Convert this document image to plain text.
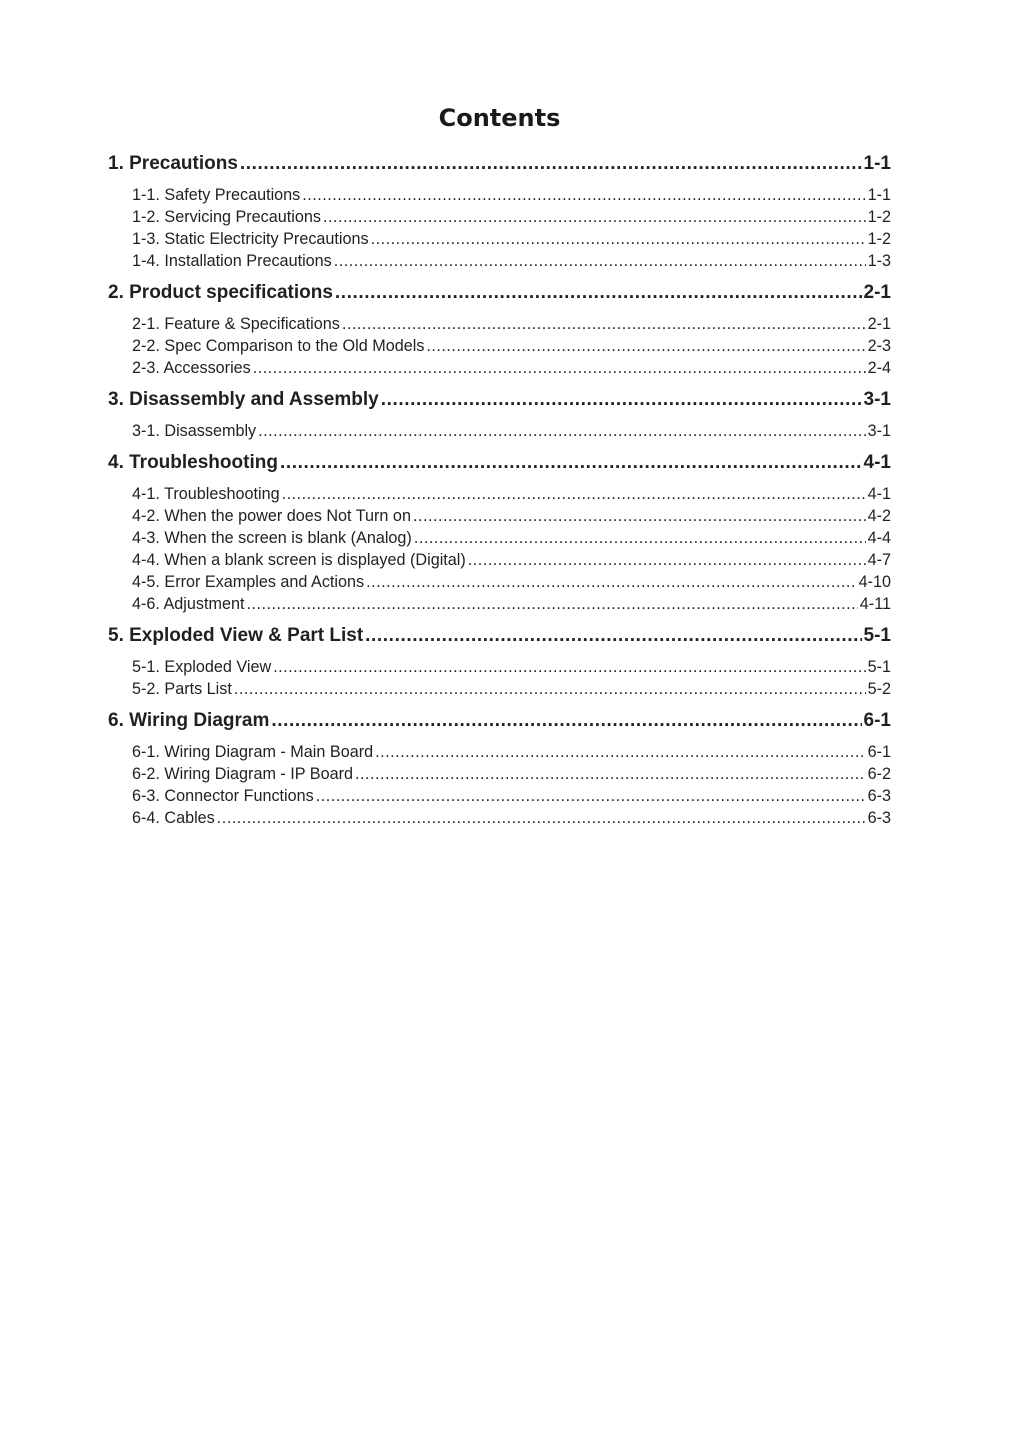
Contents
1. Precautions .....	1-1
1-1. Safety Precautions .....	1-1
1-2. Servicing Precautions .....	1-2
1-3. Static Electricity Precautions .....	1-2
1-4. Installation Precautions .....	1-3
2. Product specifications .....	2-1
2-1. Feature & Specifications .....	2-1
2-2. Spec Comparison to the Old Models .....	2-3
2-3. Accessories .....	2-4
3. Disassembly and Assembly .....	3-1
3-1. Disassembly .....	3-1
4. Troubleshooting .....	4-1
4-1. Troubleshooting .....	4-1
4-2. When the power does Not Turn on .....	4-2
4-3. When the screen is blank (Analog) .....	4-4
4-4. When a blank screen is displayed (Digital) .....	4-7
4-5. Error Examples and Actions .....	4-10
4-6. Adjustment .....	4-11
5. Exploded View & Part List .....	5-1
5-1. Exploded View .....	5-1
5-2. Parts List .....	5-2
6. Wiring Diagram .....	6-1
6-1. Wiring Diagram - Main Board .....	6-1
6-2. Wiring Diagram - IP Board .....	6-2
6-3. Connector Functions .....	6-3
6-4. Cables .....	6-3
